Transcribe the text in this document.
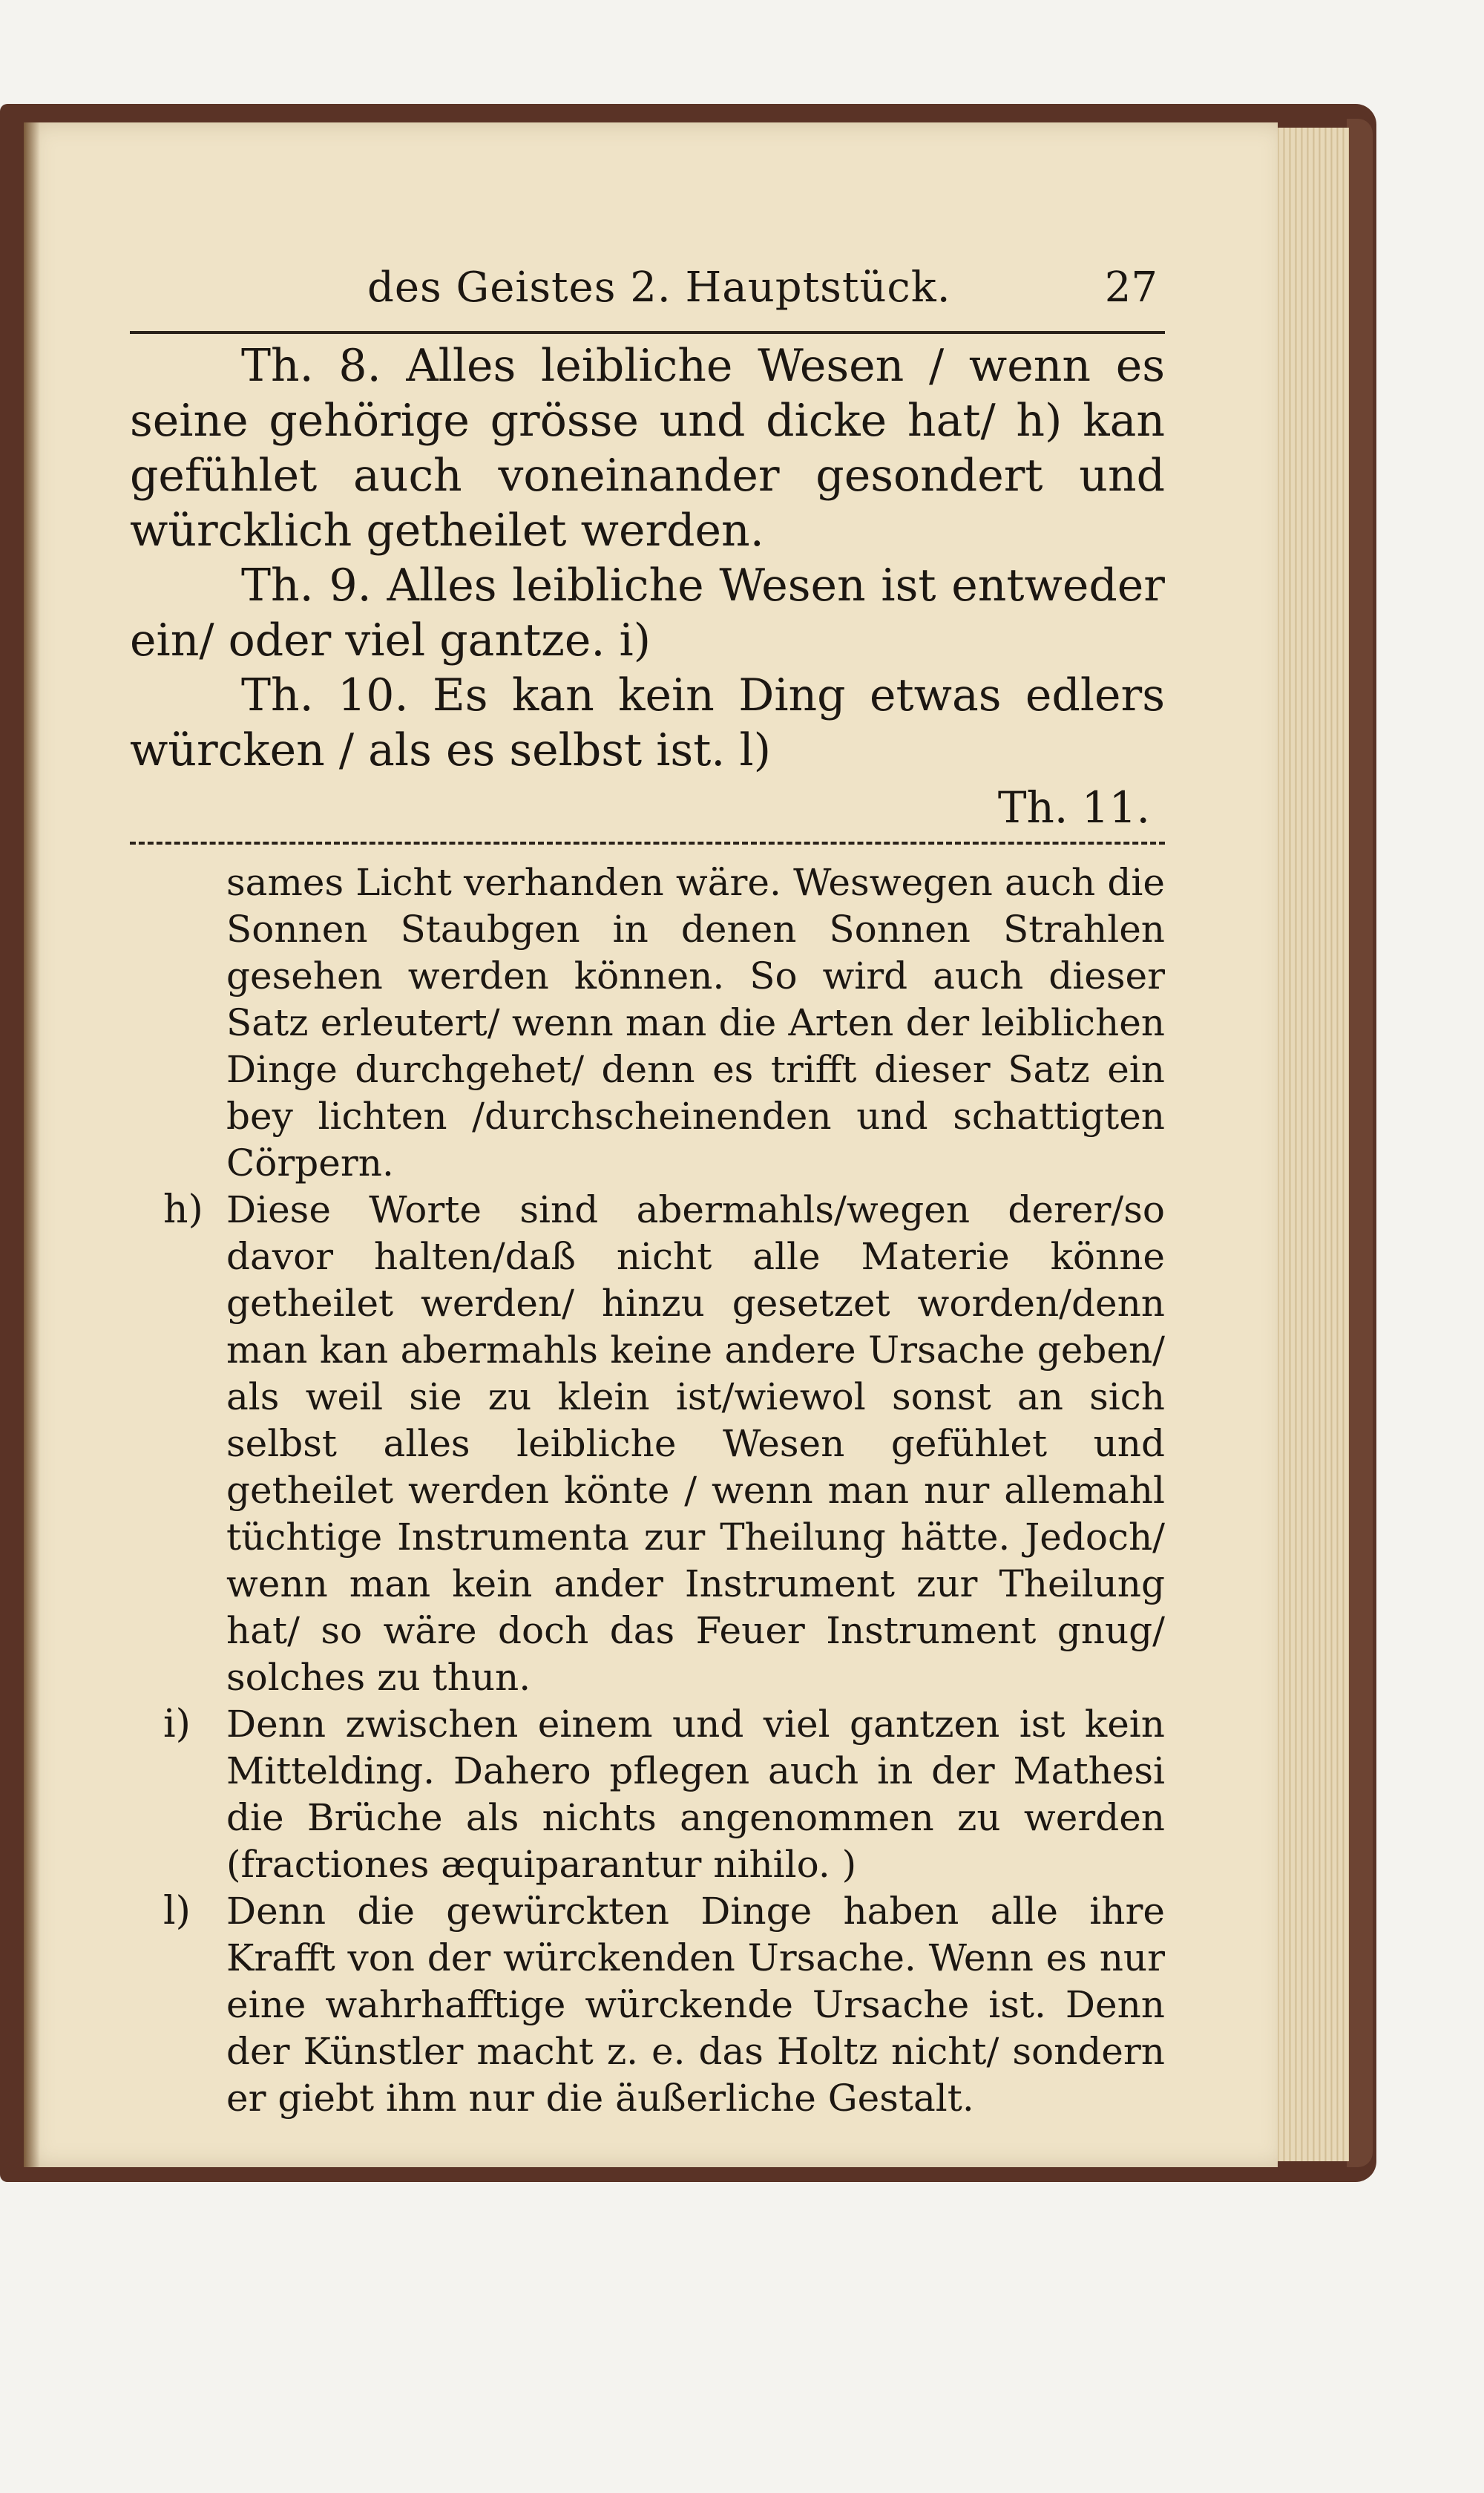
des Geistes 2. Hauptstück.	27

Th. 8. Alles leibliche Wesen / wenn es seine gehörige grösse und dicke hat/ h) kan gefühlet auch voneinander gesondert und würcklich getheilet werden.

Th. 9. Alles leibliche Wesen ist entweder ein/ oder viel gantze. i)

Th. 10. Es kan kein Ding etwas edlers würcken / als es selbst ist. l)

Th. 11.

sames Licht verhanden wäre. Weswegen auch die Sonnen Staubgen in denen Sonnen Strahlen gesehen werden können. So wird auch dieser Satz erleutert/ wenn man die Arten der leiblichen Dinge durchgehet/ denn es trifft dieser Satz ein bey lichten /durchscheinenden und schattigten Cörpern.

h) Diese Worte sind abermahls/wegen derer/so davor halten/daß nicht alle Materie könne getheilet werden/ hinzu gesetzet worden/denn man kan abermahls keine andere Ursache geben/ als weil sie zu klein ist/wiewol sonst an sich selbst alles leibliche Wesen gefühlet und getheilet werden könte / wenn man nur allemahl tüchtige Instrumenta zur Theilung hätte. Jedoch/ wenn man kein ander Instrument zur Theilung hat/ so wäre doch das Feuer Instrument gnug/ solches zu thun.

i) Denn zwischen einem und viel gantzen ist kein Mittelding. Dahero pflegen auch in der Mathesi die Brüche als nichts angenommen zu werden (fractiones æquiparantur nihilo. )

l) Denn die gewürckten Dinge haben alle ihre Krafft von der würckenden Ursache. Wenn es nur eine wahrhafftige würckende Ursache ist. Denn der Künstler macht z. e. das Holtz nicht/ sondern er giebt ihm nur die äußerliche Gestalt.
